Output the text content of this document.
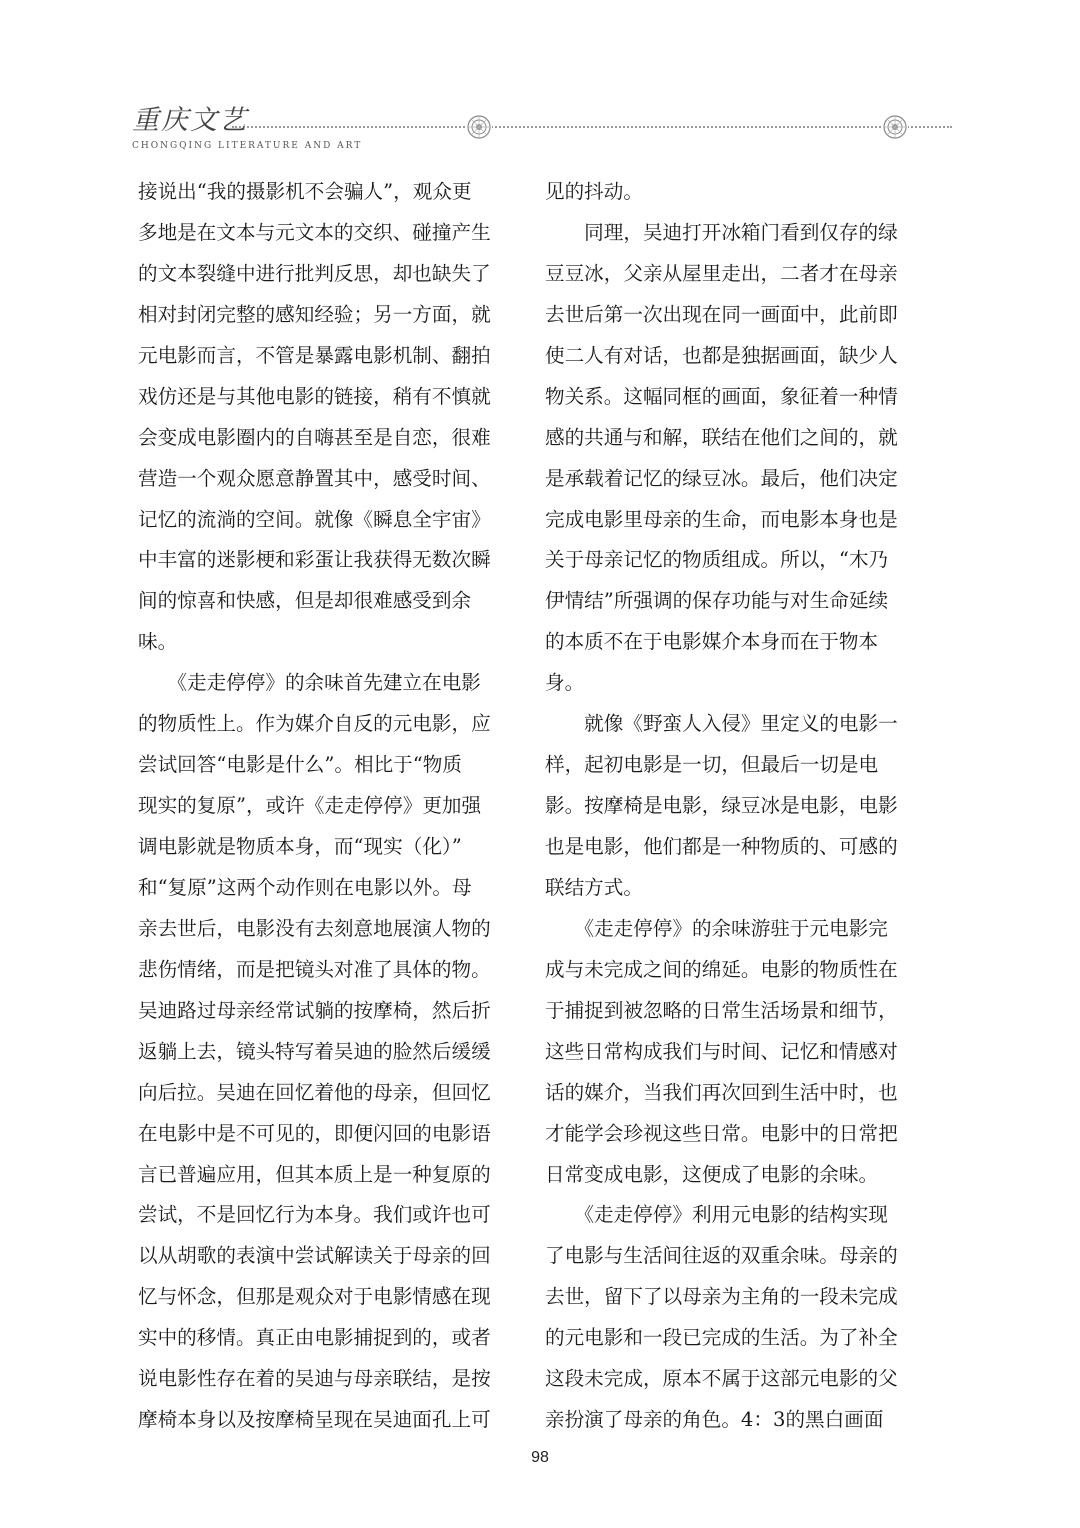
重庆文艺
CHONGQING LITERATURE AND ART
接说出“我的摄影机不会骗人”，观众更
多地是在文本与元文本的交织、碰撞产生
的文本裂缝中进行批判反思，却也缺失了
相对封闭完整的感知经验；另一方面，就
元电影而言，不管是暴露电影机制、翻拍
戏仿还是与其他电影的链接，稍有不慎就
会变成电影圈内的自嗨甚至是自恋，很难
营造一个观众愿意静置其中，感受时间、
记忆的流淌的空间。就像《瞬息全宇宙》
中丰富的迷影梗和彩蛋让我获得无数次瞬
间的惊喜和快感，但是却很难感受到余
味。
　　《走走停停》的余味首先建立在电影
的物质性上。作为媒介自反的元电影，应
尝试回答“电影是什么”。相比于“物质
现实的复原”，或许《走走停停》更加强
调电影就是物质本身，而“现实（化）”
和“复原”这两个动作则在电影以外。母
亲去世后，电影没有去刻意地展演人物的
悲伤情绪，而是把镜头对准了具体的物。
吴迪路过母亲经常试躺的按摩椅，然后折
返躺上去，镜头特写着吴迪的脸然后缓缓
向后拉。吴迪在回忆着他的母亲，但回忆
在电影中是不可见的，即便闪回的电影语
言已普遍应用，但其本质上是一种复原的
尝试，不是回忆行为本身。我们或许也可
以从胡歌的表演中尝试解读关于母亲的回
忆与怀念，但那是观众对于电影情感在现
实中的移情。真正由电影捕捉到的，或者
说电影性存在着的吴迪与母亲联结，是按
摩椅本身以及按摩椅呈现在吴迪面孔上可
见的抖动。
　　同理，吴迪打开冰箱门看到仅存的绿
豆豆冰，父亲从屋里走出，二者才在母亲
去世后第一次出现在同一画面中，此前即
使二人有对话，也都是独据画面，缺少人
物关系。这幅同框的画面，象征着一种情
感的共通与和解，联结在他们之间的，就
是承载着记忆的绿豆冰。最后，他们决定
完成电影里母亲的生命，而电影本身也是
关于母亲记忆的物质组成。所以，“木乃
伊情结”所强调的保存功能与对生命延续
的本质不在于电影媒介本身而在于物本
身。
　　就像《野蛮人入侵》里定义的电影一
样，起初电影是一切，但最后一切是电
影。按摩椅是电影，绿豆冰是电影，电影
也是电影，他们都是一种物质的、可感的
联结方式。
　　《走走停停》的余味游驻于元电影完
成与未完成之间的绵延。电影的物质性在
于捕捉到被忽略的日常生活场景和细节，
这些日常构成我们与时间、记忆和情感对
话的媒介，当我们再次回到生活中时，也
才能学会珍视这些日常。电影中的日常把
日常变成电影，这便成了电影的余味。
　　《走走停停》利用元电影的结构实现
了电影与生活间往返的双重余味。母亲的
去世，留下了以母亲为主角的一段未完成
的元电影和一段已完成的生活。为了补全
这段未完成，原本不属于这部元电影的父
亲扮演了母亲的角色。4：3的黑白画面
98
